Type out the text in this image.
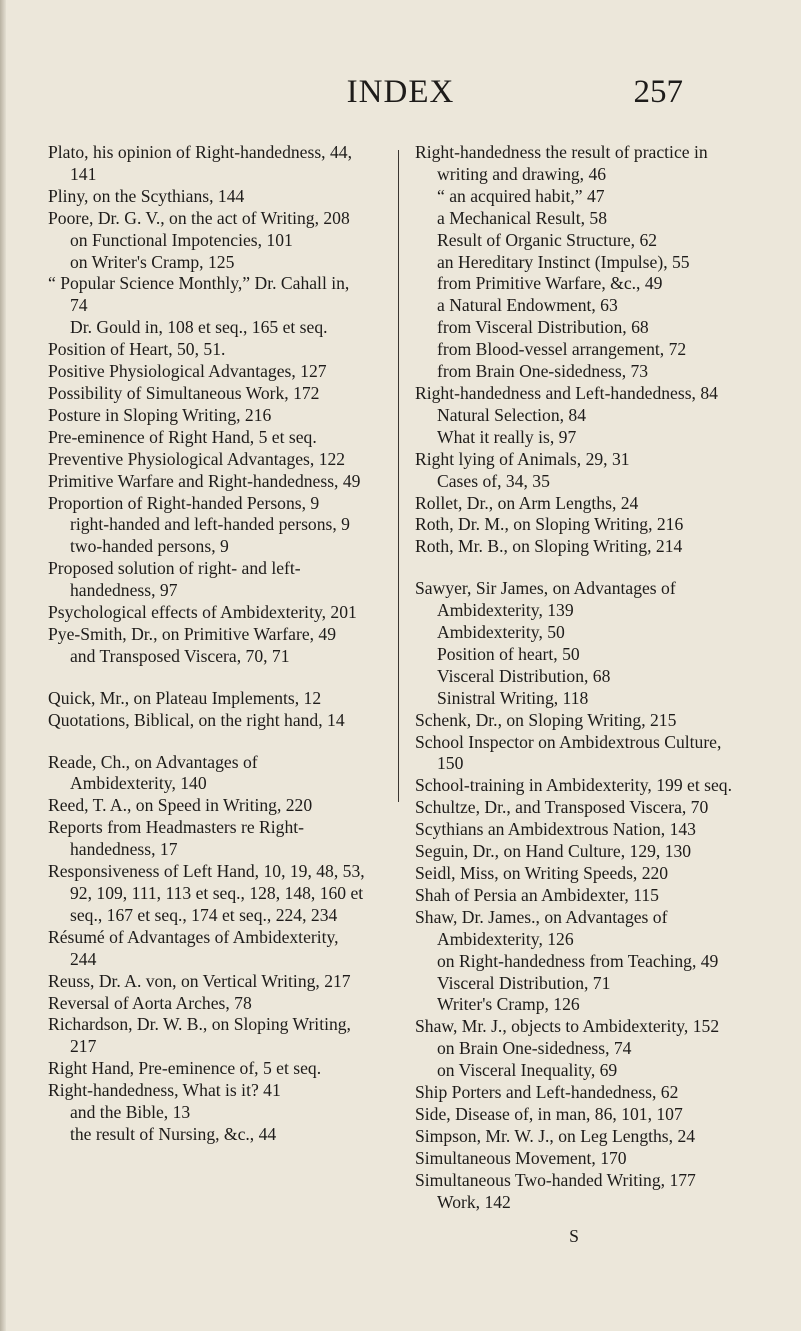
INDEX	257
Plato, his opinion of Right-handedness, 44, 141
Pliny, on the Scythians, 144
Poore, Dr. G. V., on the act of Writing, 208
on Functional Impotencies, 101
on Writer's Cramp, 125
“ Popular Science Monthly,” Dr. Cahall in, 74
Dr. Gould in, 108 et seq., 165 et seq.
Position of Heart, 50, 51.
Positive Physiological Advantages, 127
Possibility of Simultaneous Work, 172
Posture in Sloping Writing, 216
Pre-eminence of Right Hand, 5 et seq.
Preventive Physiological Advantages, 122
Primitive Warfare and Right-handedness, 49
Proportion of Right-handed Persons, 9
right-handed and left-handed persons, 9
two-handed persons, 9
Proposed solution of right- and left-handedness, 97
Psychological effects of Ambidexterity, 201
Pye-Smith, Dr., on Primitive Warfare, 49
and Transposed Viscera, 70, 71
Quick, Mr., on Plateau Implements, 12
Quotations, Biblical, on the right hand, 14
Reade, Ch., on Advantages of Ambidexterity, 140
Reed, T. A., on Speed in Writing, 220
Reports from Headmasters re Right-handedness, 17
Responsiveness of Left Hand, 10, 19, 48, 53, 92, 109, 111, 113 et seq., 128, 148, 160 et seq., 167 et seq., 174 et seq., 224, 234
Résumé of Advantages of Ambidexterity, 244
Reuss, Dr. A. von, on Vertical Writing, 217
Reversal of Aorta Arches, 78
Richardson, Dr. W. B., on Sloping Writing, 217
Right Hand, Pre-eminence of, 5 et seq.
Right-handedness, What is it? 41
and the Bible, 13
the result of Nursing, &c., 44
Right-handedness the result of practice in writing and drawing, 46
“ an acquired habit,” 47
a Mechanical Result, 58
Result of Organic Structure, 62
an Hereditary Instinct (Impulse), 55
from Primitive Warfare, &c., 49
a Natural Endowment, 63
from Visceral Distribution, 68
from Blood-vessel arrangement, 72
from Brain One-sidedness, 73
Right-handedness and Left-handedness, 84
Natural Selection, 84
What it really is, 97
Right lying of Animals, 29, 31
Cases of, 34, 35
Rollet, Dr., on Arm Lengths, 24
Roth, Dr. M., on Sloping Writing, 216
Roth, Mr. B., on Sloping Writing, 214
Sawyer, Sir James, on Advantages of Ambidexterity, 139
Ambidexterity, 50
Position of heart, 50
Visceral Distribution, 68
Sinistral Writing, 118
Schenk, Dr., on Sloping Writing, 215
School Inspector on Ambidextrous Culture, 150
School-training in Ambidexterity, 199 et seq.
Schultze, Dr., and Transposed Viscera, 70
Scythians an Ambidextrous Nation, 143
Seguin, Dr., on Hand Culture, 129, 130
Seidl, Miss, on Writing Speeds, 220
Shah of Persia an Ambidexter, 115
Shaw, Dr. James., on Advantages of Ambidexterity, 126
on Right-handedness from Teaching, 49
Visceral Distribution, 71
Writer's Cramp, 126
Shaw, Mr. J., objects to Ambidexterity, 152
on Brain One-sidedness, 74
on Visceral Inequality, 69
Ship Porters and Left-handedness, 62
Side, Disease of, in man, 86, 101, 107
Simpson, Mr. W. J., on Leg Lengths, 24
Simultaneous Movement, 170
Simultaneous Two-handed Writing, 177
Work, 142
S
